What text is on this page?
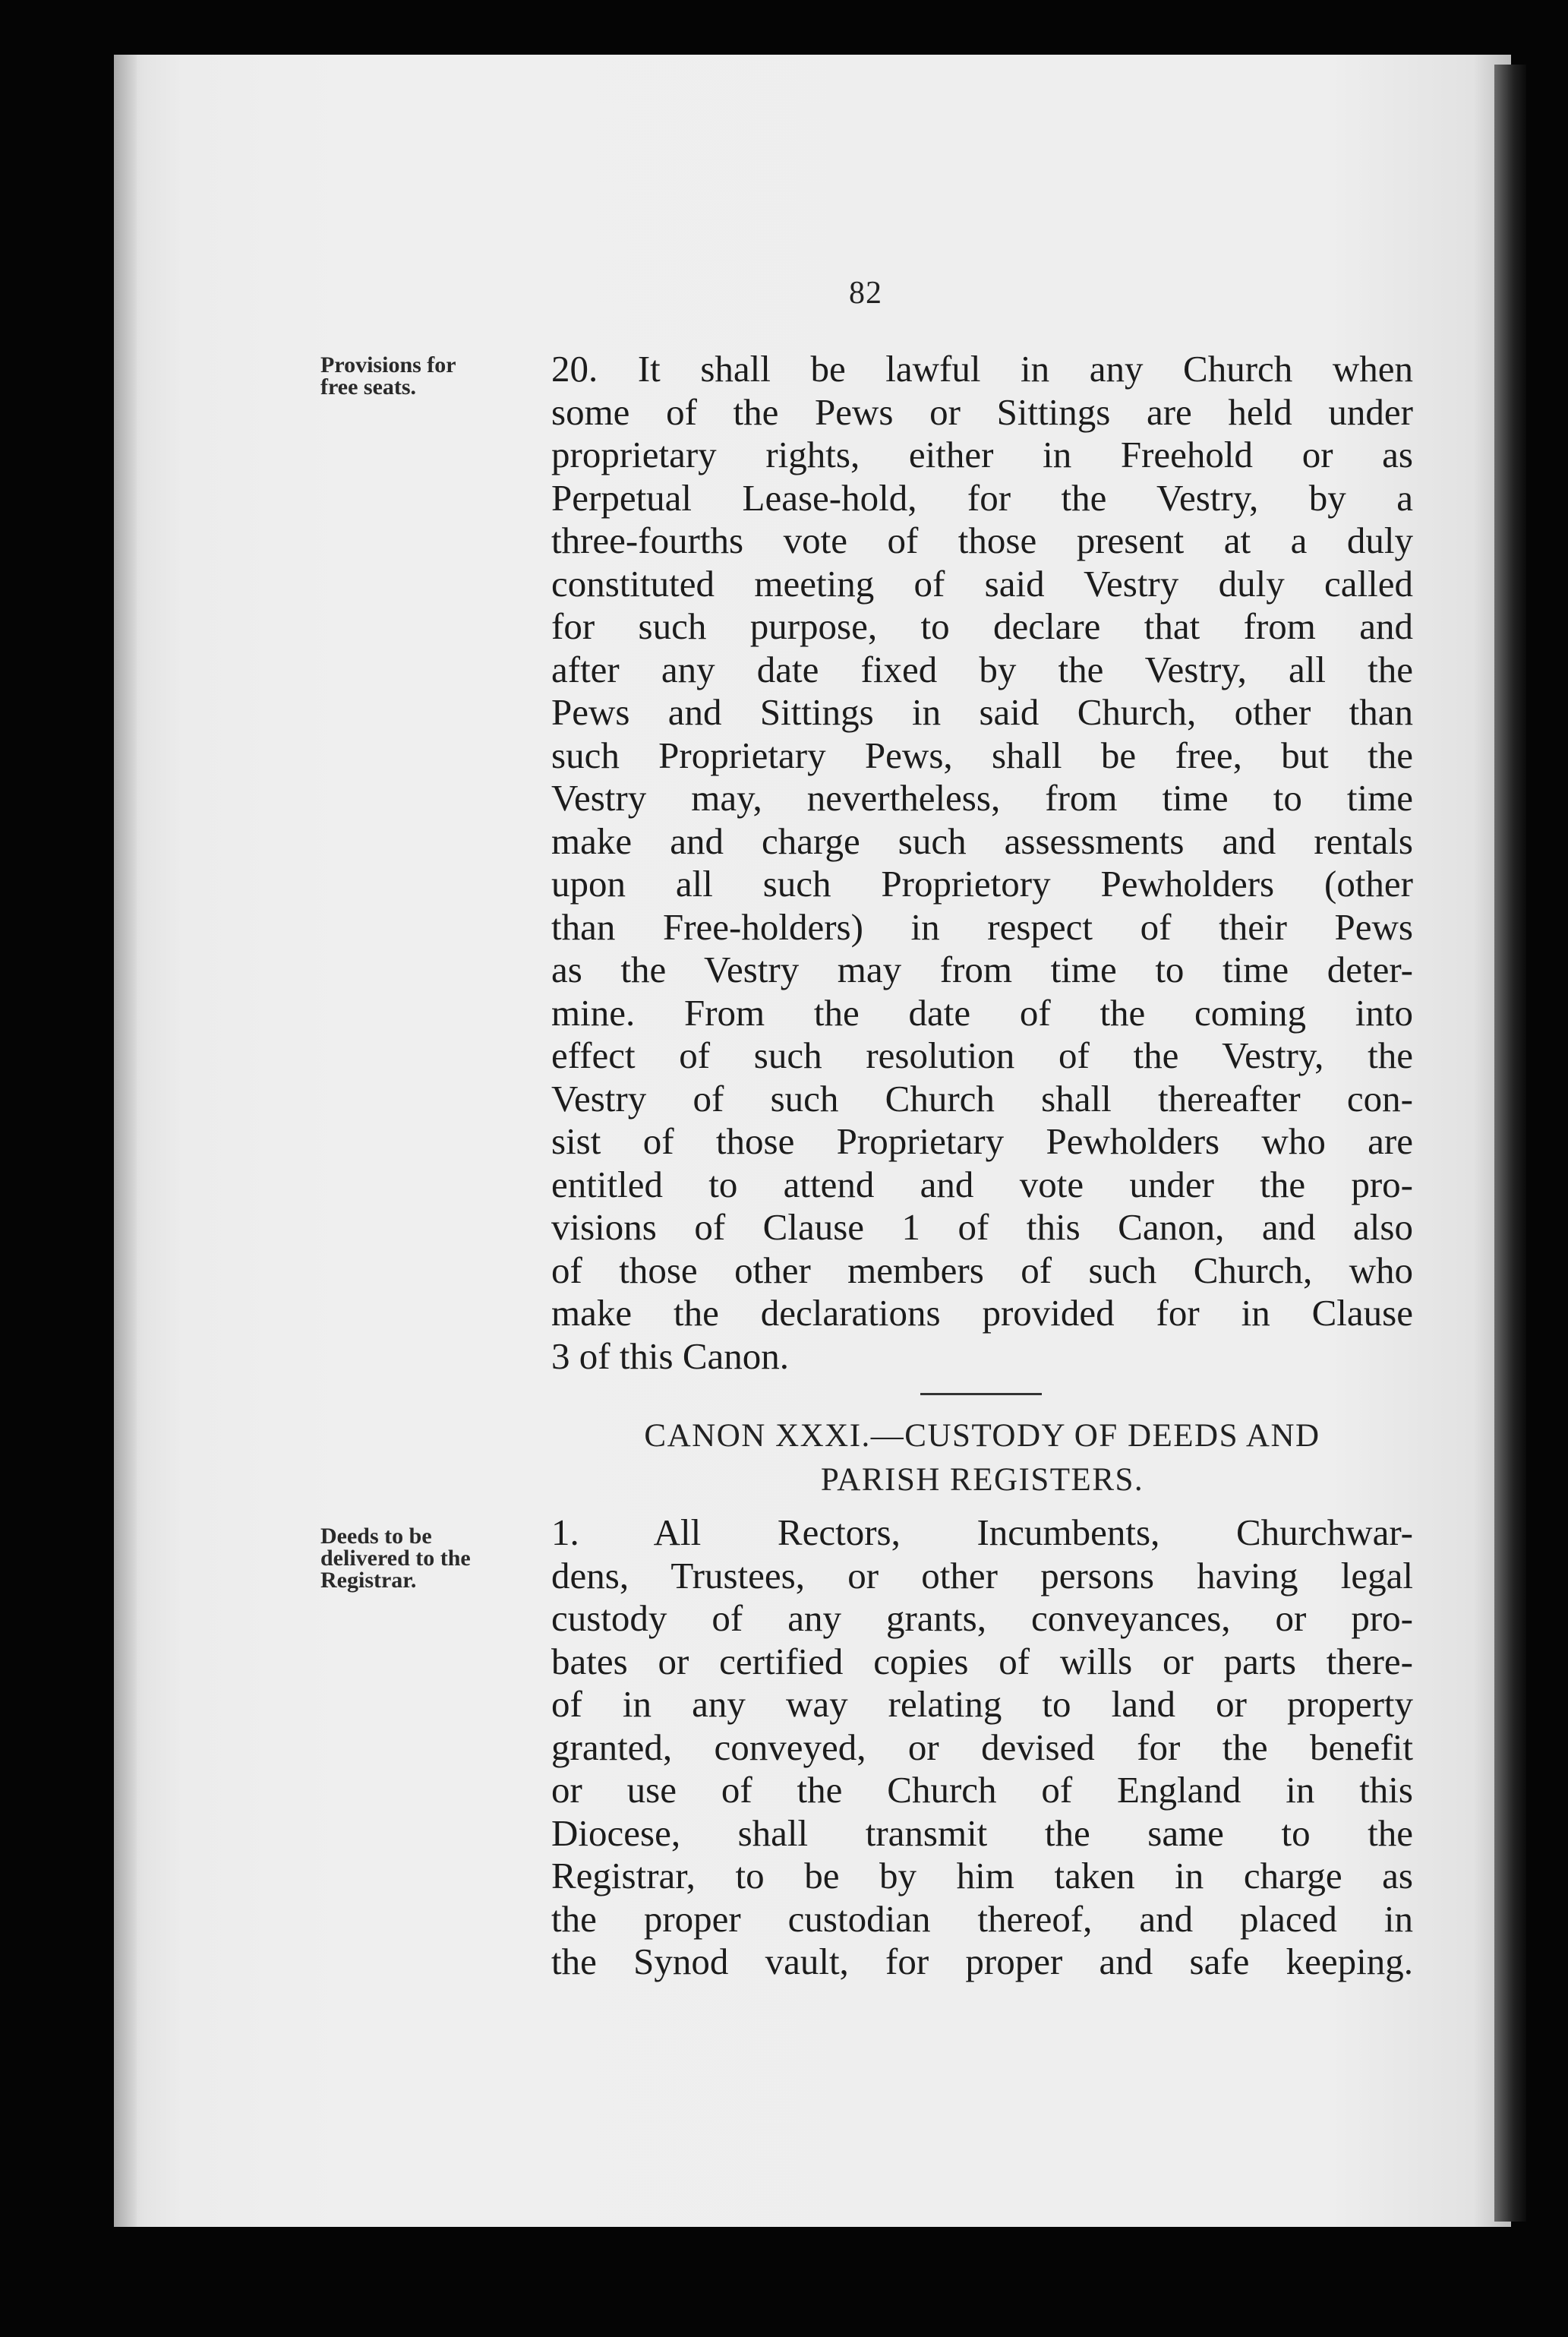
82
Provisions for
free seats.	20. It shall be lawful in any Church when
some of the Pews or Sittings are held under
proprietary rights, either in Freehold or as
Perpetual Lease-hold, for the Vestry, by a
three-fourths vote of those present at a duly
constituted meeting of said Vestry duly called
for such purpose, to declare that from and
after any date fixed by the Vestry, all the
Pews and Sittings in said Church, other than
such Proprietary Pews, shall be free, but the
Vestry may, nevertheless, from time to time
make and charge such assessments and rentals
upon all such Proprietory Pewholders (other
than Free-holders) in respect of their Pews
as the Vestry may from time to time deter-
mine. From the date of the coming into
effect of such resolution of the Vestry, the
Vestry of such Church shall thereafter con-
sist of those Proprietary Pewholders who are
entitled to attend and vote under the pro-
visions of Clause 1 of this Canon, and also
of those other members of such Church, who
make the declarations provided for in Clause
3 of this Canon.
CANON XXXI.—CUSTODY OF DEEDS AND
PARISH REGISTERS.
Deeds to be
delivered to the
Registrar.
1. All Rectors, Incumbents, Churchwar-
dens, Trustees, or other persons having legal
custody of any grants, conveyances, or pro-
bates or certified copies of wills or parts there-
of in any way relating to land or property
granted, conveyed, or devised for the benefit
or use of the Church of England in this
Diocese, shall transmit the same to the
Registrar, to be by him taken in charge as
the proper custodian thereof, and placed in
the Synod vault, for proper and safe keeping.
